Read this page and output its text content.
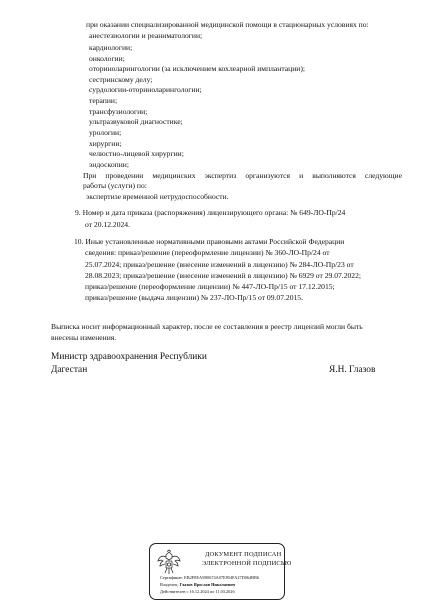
при оказании специализированной медицинской помощи в стационарных условиях по:
анестезиологии и реаниматологии;
кардиологии;
онкологии;
оториноларингологии (за исключением кохлеарной имплантации);
сестринскому делу;
сурдологии-оториноларингологии;
терапии;
трансфузиологии;
ультразвуковой диагностике;
урологии;
хирургии;
челюстно-лицевой хирургии;
эндоскопии;
При проведении медицинских экспертиз организуются и выполняются следующие
работы (услуги) по:
экспертизе временной нетрудоспособности.
9. Номер и дата приказа (распоряжения) лицензирующего органа: № 649-ЛО-Пр/24
от 20.12.2024.
10. Иные установленные нормативными правовыми актами Российской Федерации
сведения: приказ/решение (переоформление лицензии) № 360-ЛО-Пр/24 от
25.07.2024; приказ/решение (внесение изменений в лицензию) № 284-ЛО-Пр/23 от
28.08.2023; приказ/решение (внесение изменений в лицензию) № 6929 от 29.07.2022;
приказ/решение (переоформление лицензии) № 447-ЛО-Пр/15 от 17.12.2015;
приказ/решение (выдача лицензии) № 237-ЛО-Пр/15 от 09.07.2015.
Выписка носит информационный характер, после ее составления в реестр лицензий могли быть
внесены изменения.
Министр здравоохранения Республики
Дагестан	Я.Н. Глазов
ДОКУМЕНТ ПОДПИСАН
ЭЛЕКТРОННОЙ ПОДПИСЬЮ
Сертификат: EB2F8EA5B0674A07E854FA27D064BB6
Владелец: Глазов Ярослав Николаевич
Действителен с 16.12.2024 по 11.03.2026
